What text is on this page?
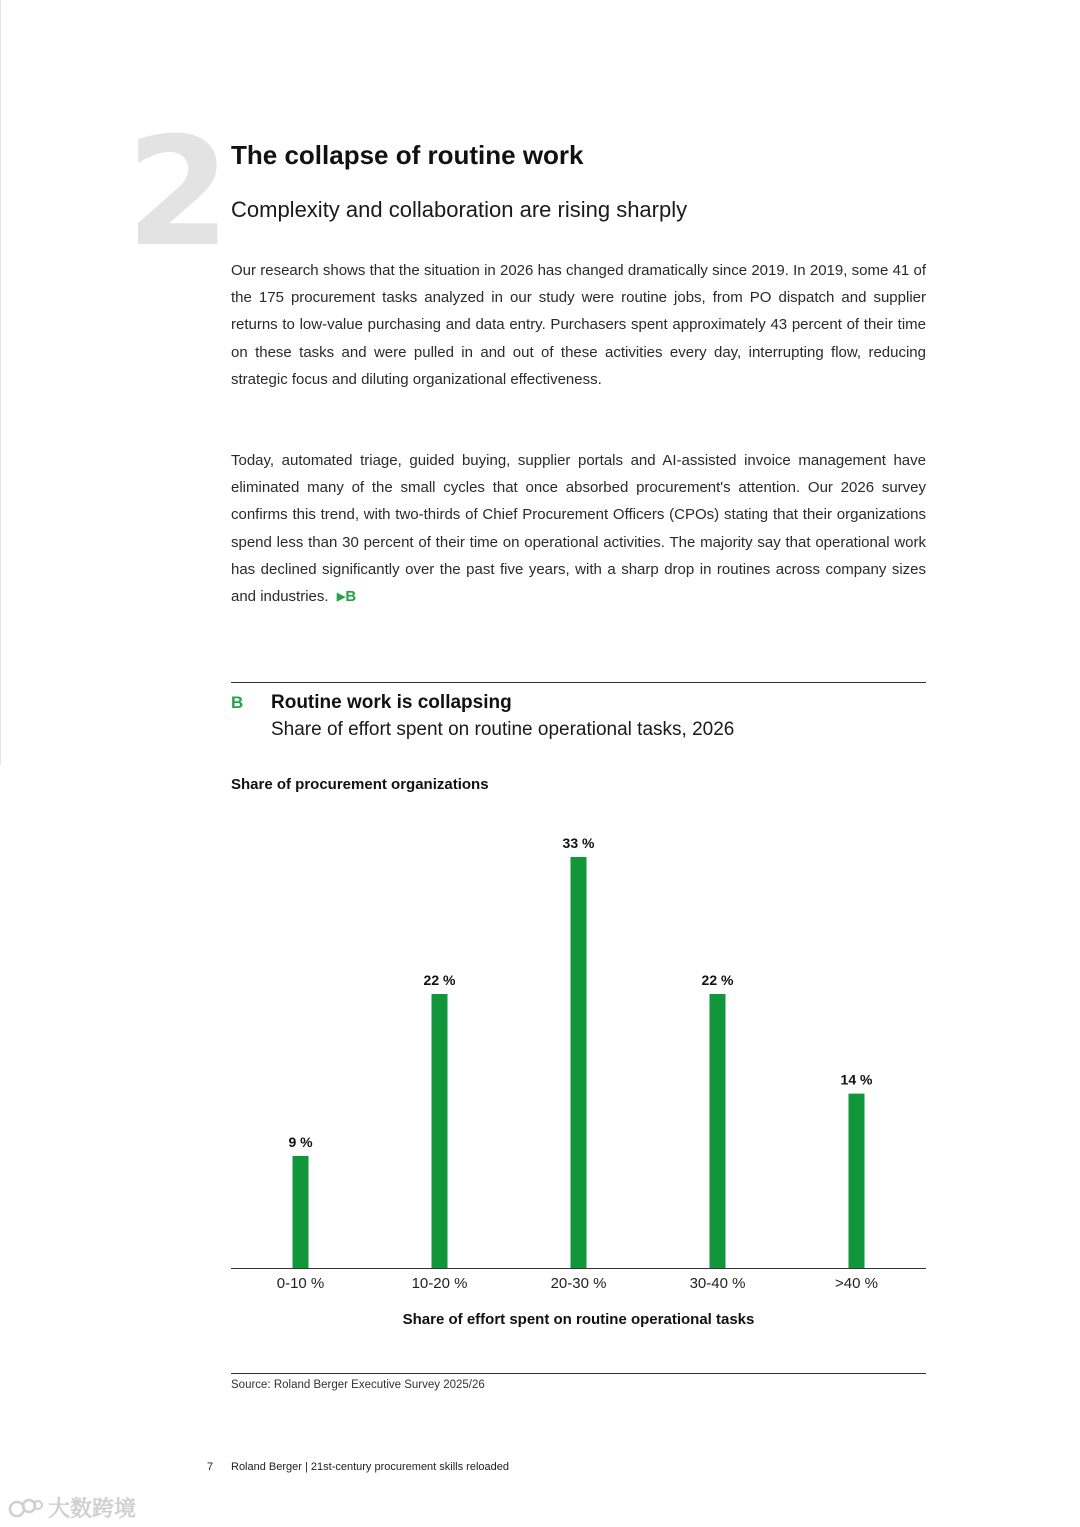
2 The collapse of routine work
Complexity and collaboration are rising sharply

Our research shows that the situation in 2026 has changed dramatically since 2019. In 2019, some 41 of the 175 procurement tasks analyzed in our study were routine jobs, from PO dispatch and supplier returns to low-value purchasing and data entry. Purchasers spent approximately 43 percent of their time on these tasks and were pulled in and out of these activities every day, interrupting flow, reducing strategic focus and diluting organizational effectiveness.

Today, automated triage, guided buying, supplier portals and AI-assisted invoice management have eliminated many of the small cycles that once absorbed procurement's attention. Our 2026 survey confirms this trend, with two-thirds of Chief Procurement Officers (CPOs) stating that their organizations spend less than 30 percent of their time on operational activities. The majority say that operational work has declined significantly over the past five years, with a sharp drop in routines across company sizes and industries. ▶B

B Routine work is collapsing
Share of effort spent on routine operational tasks, 2026
Share of procurement organizations
9 %
0-10 %
22 %
10-20 %
33 %
20-30 %
22 %
30-40 %
14 %
>40 %
Share of effort spent on routine operational tasks
Source: Roland Berger Executive Survey 2025/26
7 Roland Berger | 21st-century procurement skills reloaded
大数跨境
